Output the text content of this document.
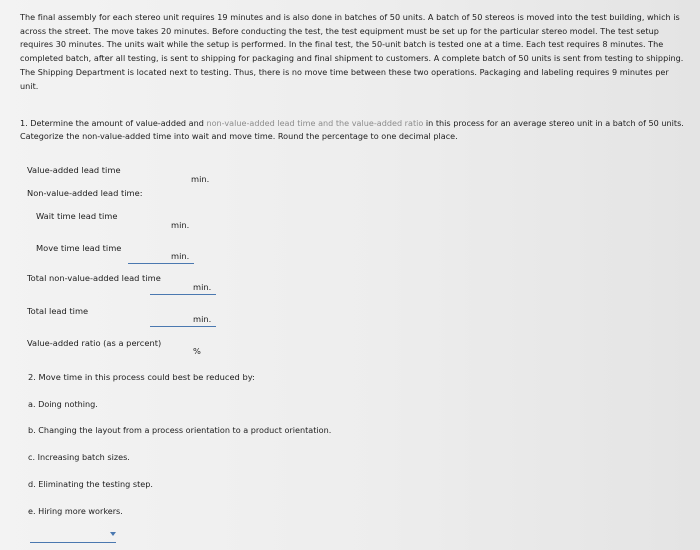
The final assembly for each stereo unit requires 19 minutes and is also done in batches of 50 units. A batch of 50 stereos is moved into the test building, which is across the street. The move takes 20 minutes. Before conducting the test, the test equipment must be set up for the particular stereo model. The test setup requires 30 minutes. The units wait while the setup is performed. In the final test, the 50-unit batch is tested one at a time. Each test requires 8 minutes. The completed batch, after all testing, is sent to shipping for packaging and final shipment to customers. A complete batch of 50 units is sent from testing to shipping. The Shipping Department is located next to testing. Thus, there is no move time between these two operations. Packaging and labeling requires 9 minutes per unit.
1. Determine the amount of value-added and non-value-added lead time and the value-added ratio in this process for an average stereo unit in a batch of 50 units. Categorize the non-value-added time into wait and move time. Round the percentage to one decimal place.
Value-added lead time
min.
Non-value-added lead time:
Wait time lead time
min.
Move time lead time
min.
Total non-value-added lead time
min.
Total lead time
min.
Value-added ratio (as a percent)
%
2. Move time in this process could best be reduced by:
a. Doing nothing.
b. Changing the layout from a process orientation to a product orientation.
c. Increasing batch sizes.
d. Eliminating the testing step.
e. Hiring more workers.
